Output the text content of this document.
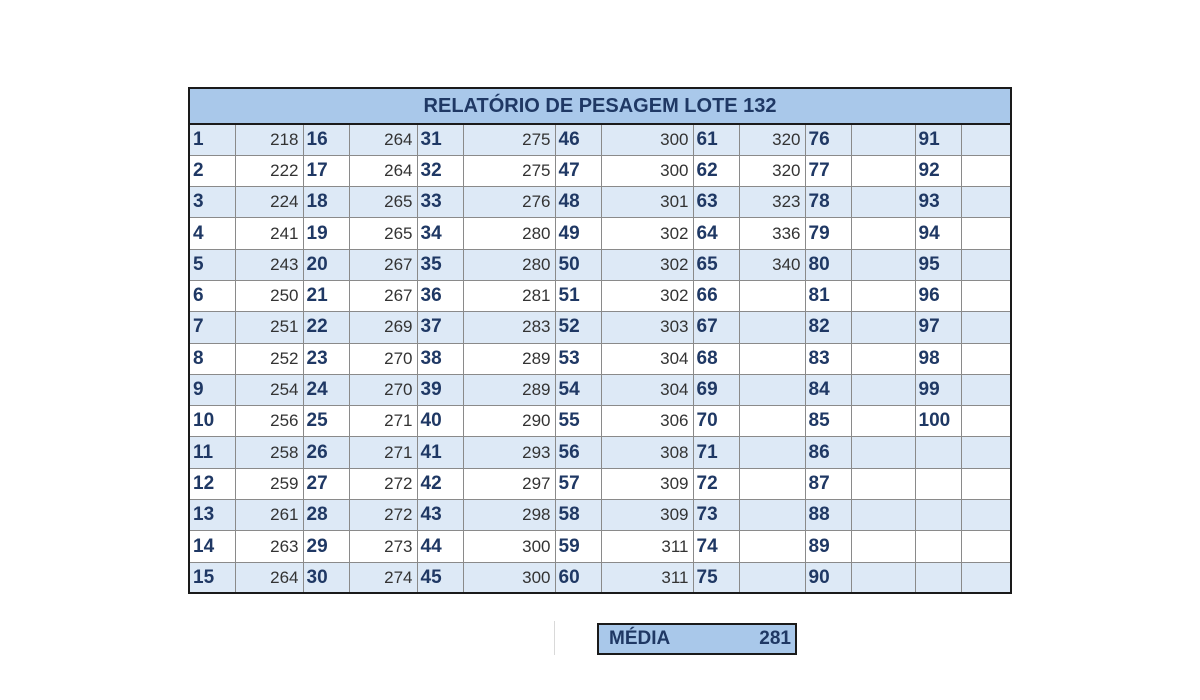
RELATÓRIO DE PESAGEM LOTE 132													
1	218	16	264	31	275	46	300	61	320	76		91	
2	222	17	264	32	275	47	300	62	320	77		92	
3	224	18	265	33	276	48	301	63	323	78		93	
4	241	19	265	34	280	49	302	64	336	79		94	
5	243	20	267	35	280	50	302	65	340	80		95	
6	250	21	267	36	281	51	302	66		81		96	
7	251	22	269	37	283	52	303	67		82		97	
8	252	23	270	38	289	53	304	68		83		98	
9	254	24	270	39	289	54	304	69		84		99	
10	256	25	271	40	290	55	306	70		85		100	
11	258	26	271	41	293	56	308	71		86			
12	259	27	272	42	297	57	309	72		87			
13	261	28	272	43	298	58	309	73		88			
14	263	29	273	44	300	59	311	74		89			
15	264	30	274	45	300	60	311	75		90			
MÉDIA	281
